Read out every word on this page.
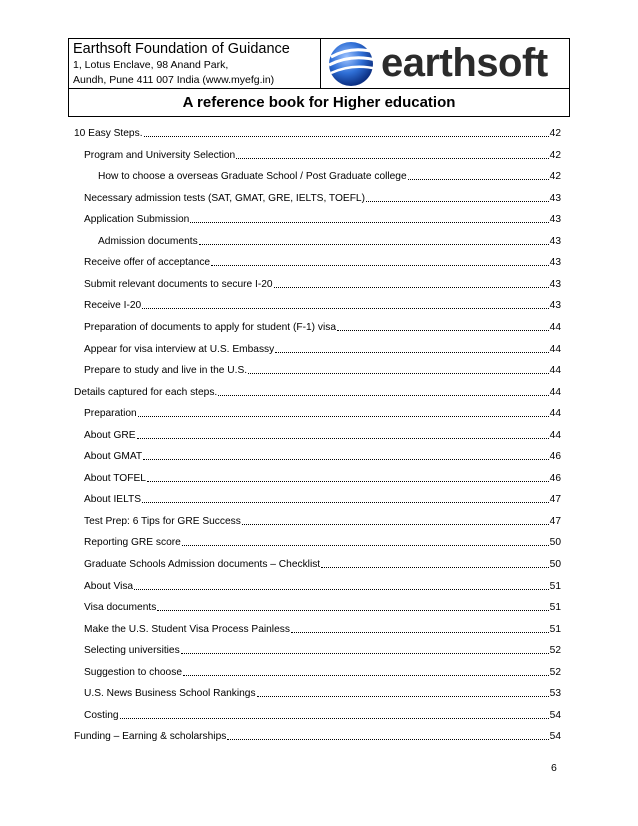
Earthsoft Foundation of Guidance
1, Lotus Enclave, 98 Anand Park,
Aundh, Pune 411 007 India (www.myefg.in)	earthsoft
A reference book for Higher education
10 Easy Steps.	42
Program and University Selection	42
How to choose a overseas Graduate School / Post Graduate college	42
Necessary admission tests (SAT, GMAT, GRE, IELTS, TOEFL)	43
Application Submission	43
Admission documents	43
Receive offer of acceptance	43
Submit relevant documents to secure I-20	43
Receive I-20	43
Preparation of documents to apply for student (F-1) visa	44
Appear for visa interview at U.S. Embassy	44
Prepare to study and live in the U.S.	44
Details captured for each steps.	44
Preparation	44
About GRE	44
About GMAT	46
About TOFEL	46
About IELTS	47
Test Prep: 6 Tips for GRE Success	47
Reporting GRE score	50
Graduate Schools Admission documents – Checklist	50
About Visa	51
Visa documents	51
Make the U.S. Student Visa Process Painless	51
Selecting universities	52
Suggestion to choose	52
U.S. News Business School Rankings	53
Costing	54
Funding – Earning & scholarships	54
6
